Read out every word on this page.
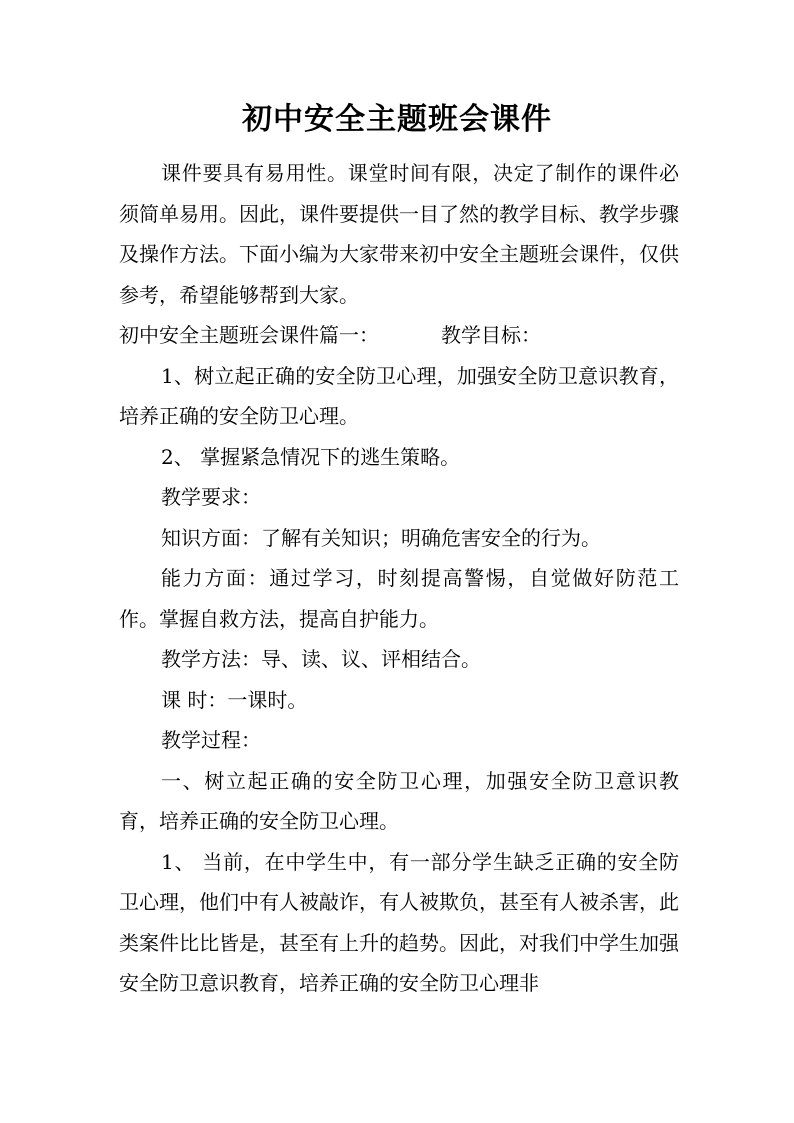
初中安全主题班会课件

课件要具有易用性。课堂时间有限，决定了制作的课件必须简单易用。因此，课件要提供一目了然的教学目标、教学步骤及操作方法。下面小编为大家带来初中安全主题班会课件，仅供参考，希望能够帮到大家。

初中安全主题班会课件篇一：	教学目标：

1、树立起正确的安全防卫心理，加强安全防卫意识教育，培养正确的安全防卫心理。

2、 掌握紧急情况下的逃生策略。

教学要求：

知识方面：了解有关知识；明确危害安全的行为。

能力方面：通过学习，时刻提高警惕，自觉做好防范工作。掌握自救方法，提高自护能力。

教学方法：导、读、议、评相结合。

课 时：一课时。

教学过程：

一、树立起正确的安全防卫心理，加强安全防卫意识教育，培养正确的安全防卫心理。

1、 当前，在中学生中，有一部分学生缺乏正确的安全防卫心理，他们中有人被敲诈，有人被欺负，甚至有人被杀害，此类案件比比皆是，甚至有上升的趋势。因此，对我们中学生加强安全防卫意识教育，培养正确的安全防卫心理非
